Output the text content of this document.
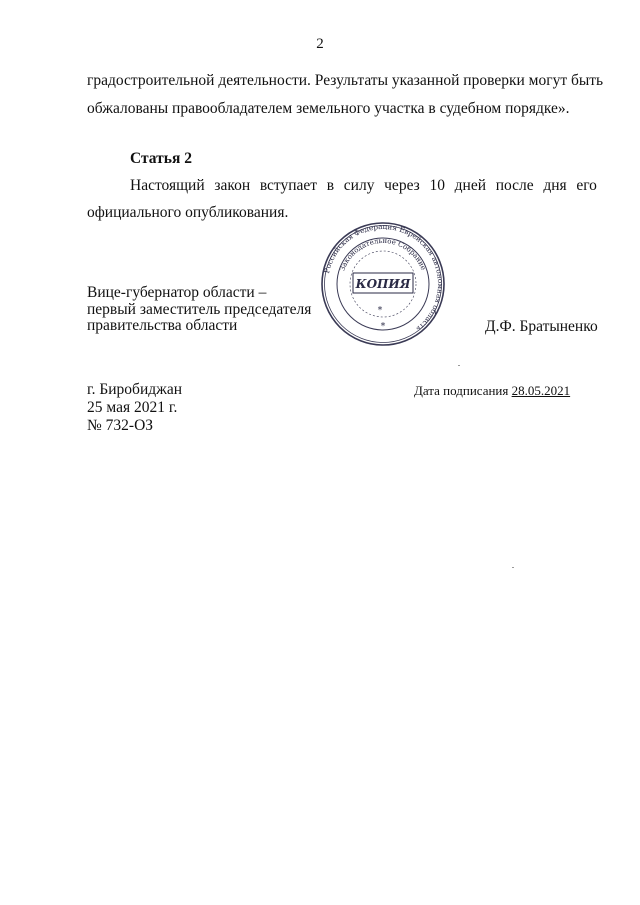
2
градостроительной деятельности. Результаты указанной проверки могут быть
обжалованы правообладателем земельного участка в судебном порядке».
Статья 2
Настоящий закон вступает в силу через 10 дней после дня его
официального опубликования.
Российская Федерация Еврейская автономная область
Законодательное Собрание
КОПИЯ
*
*
Вице-губернатор области –
первый заместитель председателя
правительства области	Д.Ф. Братыненко
Дата подписания 28.05.2021
г. Биробиджан
25 мая 2021 г.
№ 732-ОЗ
